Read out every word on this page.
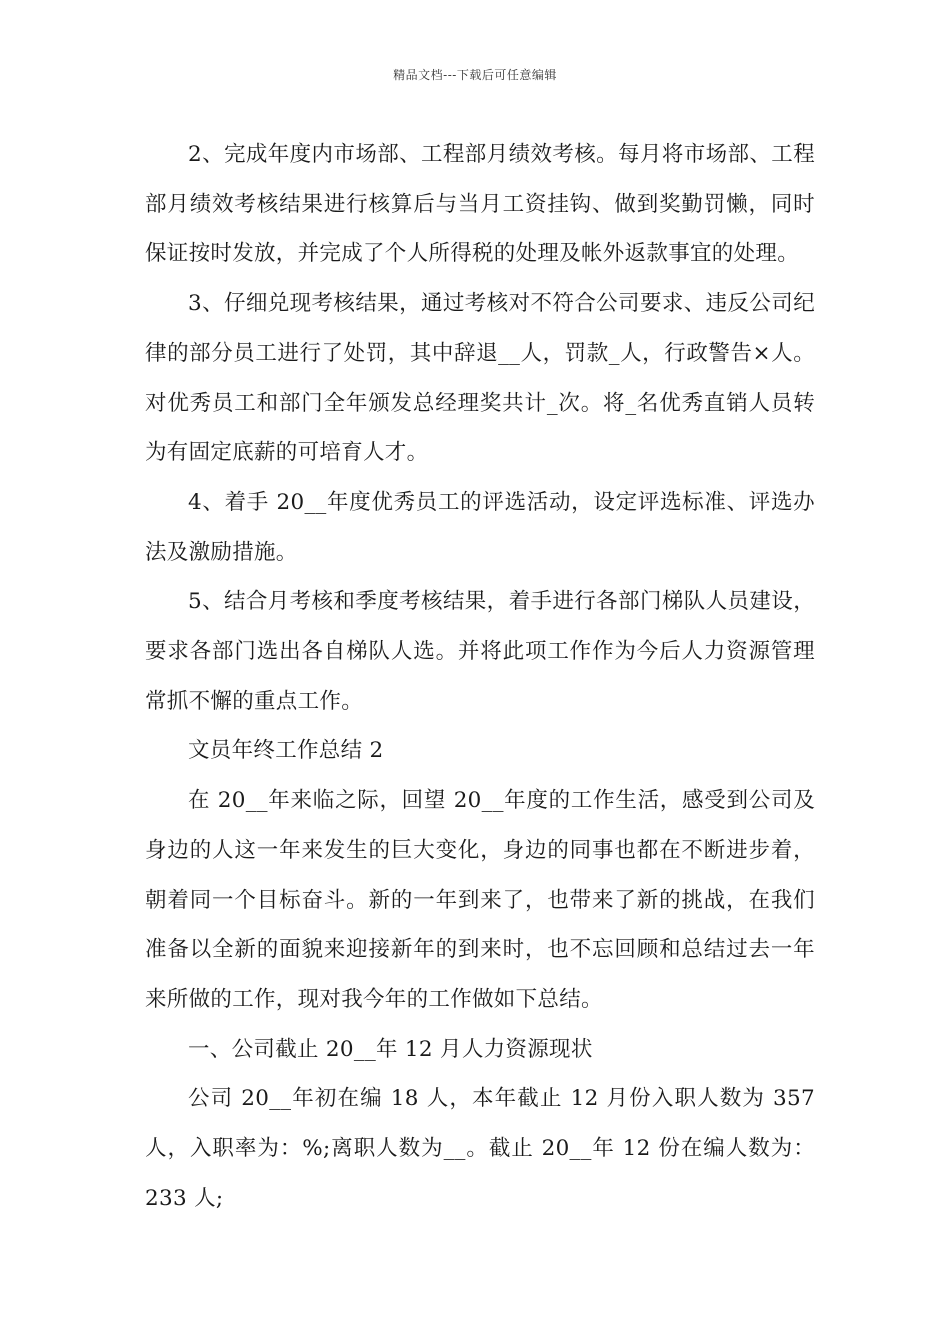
精品文档---下载后可任意编辑

2、完成年度内市场部、工程部月绩效考核。每月将市场部、工程部月绩效考核结果进行核算后与当月工资挂钩、做到奖勤罚懒，同时保证按时发放，并完成了个人所得税的处理及帐外返款事宜的处理。

3、仔细兑现考核结果，通过考核对不符合公司要求、违反公司纪律的部分员工进行了处罚，其中辞退__人，罚款_人，行政警告×人。对优秀员工和部门全年颁发总经理奖共计_次。将_名优秀直销人员转为有固定底薪的可培育人才。

4、着手 20__年度优秀员工的评选活动，设定评选标准、评选办法及激励措施。

5、结合月考核和季度考核结果，着手进行各部门梯队人员建设，要求各部门选出各自梯队人选。并将此项工作作为今后人力资源管理常抓不懈的重点工作。

文员年终工作总结 2

在 20__年来临之际，回望 20__年度的工作生活，感受到公司及身边的人这一年来发生的巨大变化，身边的同事也都在不断进步着，朝着同一个目标奋斗。新的一年到来了，也带来了新的挑战，在我们准备以全新的面貌来迎接新年的到来时，也不忘回顾和总结过去一年来所做的工作，现对我今年的工作做如下总结。

一、公司截止 20__年 12 月人力资源现状

公司 20__年初在编 18 人，本年截止 12 月份入职人数为 357 人，入职率为：%;离职人数为__。截止 20__年 12 份在编人数为：233 人;
